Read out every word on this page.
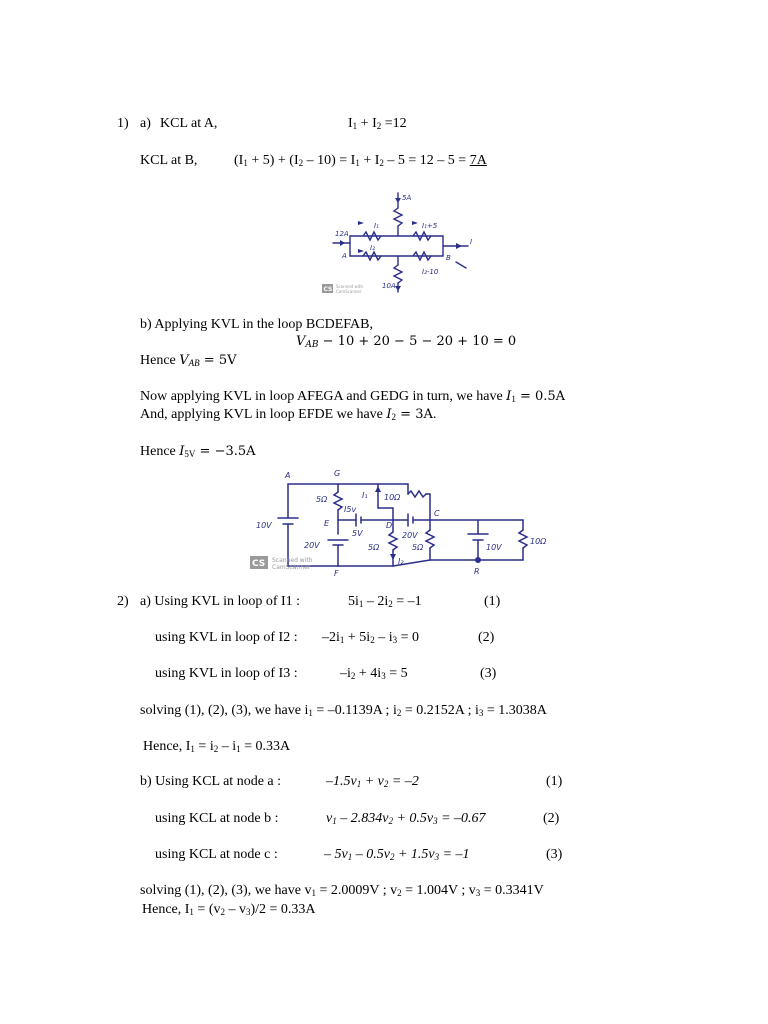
1) a) KCL at A,	$I_1 + I_2 =12$
KCL at B,	$(I_1 + 5) + (I_2 - 10) = I_1 + I_2 - 5 = 12 - 5 = 7A$
5A
I₁	I₁+5
12A
I₂
A	B
I
I₂-10
10A
CS Scanned with
CamScanner
b) Applying KVL in the loop BCDEFAB,
$V_{AB} - 10 + 20 - 5 - 20 + 10 = 0$
Hence $V_{AB} = 5V$
Now applying KVL in loop AFEGA and GEDG in turn, we have $I_1 = 0.5A$
And, applying KVL in loop EFDE we have $I_2 = 3A$.
Hence $I_{5V} = -3.5A$
A	G
5Ω	I₁
I5v
10Ω
10V	E	D
C
5V
20V
20V
5Ω	5Ω	10V
10Ω
I₂
F	R
CS Scanned with
CamScanner
2) a) Using KVL in loop of I1 :	$5i_1 - 2i_2 = -1$	(1)
using KVL in loop of I2 : $-2i_1 + 5i_2 - i_3 = 0$	(2)
using KVL in loop of I3 :	$-i_2 + 4i_3 = 5$	(3)
solving (1), (2), (3), we have $i_1 = -0.1139A$ ; $i_2 = 0.2152A$ ; $i_3 = 1.3038A$
Hence, $I_1 = i_2 - i_1 = 0.33A$
b) Using KCL at node a :	$-1.5v_1 + v_2 = -2$	(1)
using KCL at node b :	$v_1 - 2.834v_2 + 0.5v_3 = -0.67$	(2)
using KCL at node c :	– $5v_1 - 0.5v_2 + 1.5v_3 = -1$	(3)
solving (1), (2), (3), we have $v_1 = 2.0009V$ ; $v_2 = 1.004V$ ; $v_3 = 0.3341V$
Hence, $I_1 = (v_2 - v_3)/2 = 0.33A$
